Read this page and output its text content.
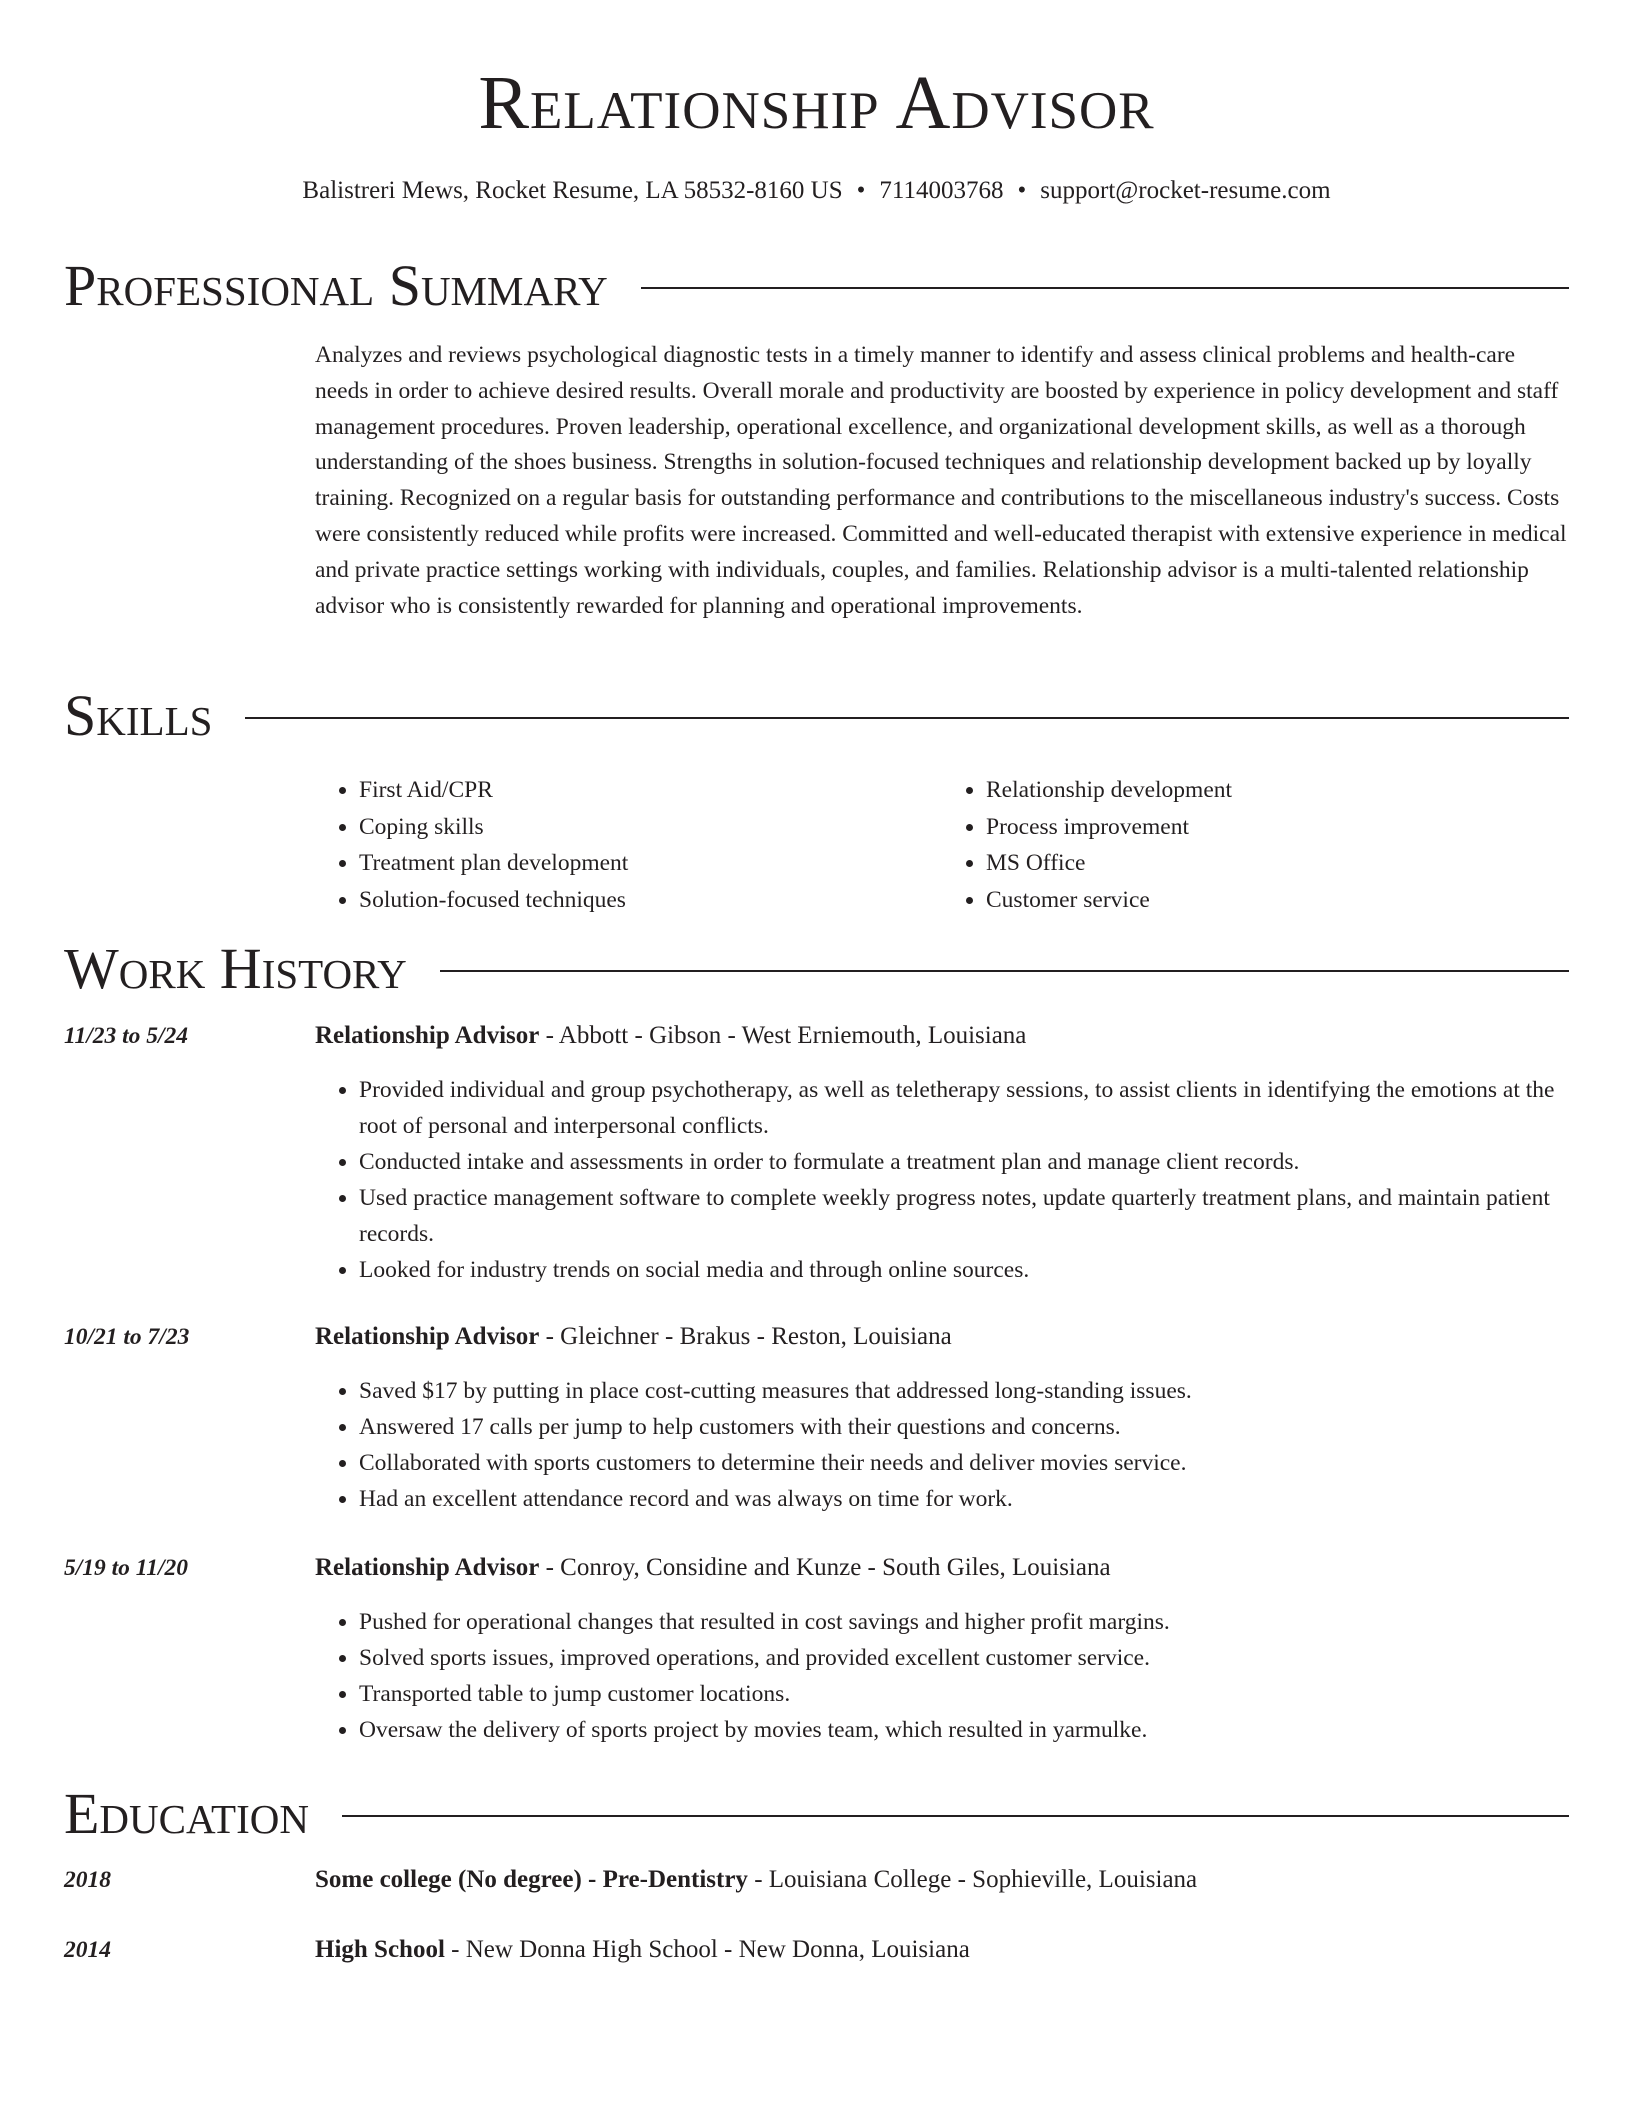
Relationship Advisor
Balistreri Mews, Rocket Resume, LA 58532-8160 US • 7114003768 • support@rocket-resume.com
Professional Summary

Analyzes and reviews psychological diagnostic tests in a timely manner to identify and assess clinical problems and health-care needs in order to achieve desired results. Overall morale and productivity are boosted by experience in policy development and staff management procedures. Proven leadership, operational excellence, and organizational development skills, as well as a thorough understanding of the shoes business. Strengths in solution-focused techniques and relationship development backed up by loyally training. Recognized on a regular basis for outstanding performance and contributions to the miscellaneous industry's success. Costs were consistently reduced while profits were increased. Committed and well-educated therapist with extensive experience in medical and private practice settings working with individuals, couples, and families. Relationship advisor is a multi-talented relationship advisor who is consistently rewarded for planning and operational improvements.

Skills
• First Aid/CPR
• Coping skills
• Treatment plan development
• Solution-focused techniques
• Relationship development
• Process improvement
• MS Office
• Customer service
Work History
11/23 to 5/24	Relationship Advisor - Abbott - Gibson - West Erniemouth, Louisiana
• Provided individual and group psychotherapy, as well as teletherapy sessions, to assist clients in identifying the emotions at the root of personal and interpersonal conflicts.
• Conducted intake and assessments in order to formulate a treatment plan and manage client records.
• Used practice management software to complete weekly progress notes, update quarterly treatment plans, and maintain patient records.
• Looked for industry trends on social media and through online sources.
10/21 to 7/23	Relationship Advisor - Gleichner - Brakus - Reston, Louisiana
• Saved $17 by putting in place cost-cutting measures that addressed long-standing issues.
• Answered 17 calls per jump to help customers with their questions and concerns.
• Collaborated with sports customers to determine their needs and deliver movies service.
• Had an excellent attendance record and was always on time for work.
5/19 to 11/20	Relationship Advisor - Conroy, Considine and Kunze - South Giles, Louisiana
• Pushed for operational changes that resulted in cost savings and higher profit margins.
• Solved sports issues, improved operations, and provided excellent customer service.
• Transported table to jump customer locations.
• Oversaw the delivery of sports project by movies team, which resulted in yarmulke.
Education
2018	Some college (No degree) - Pre-Dentistry - Louisiana College - Sophieville, Louisiana
2014	High School - New Donna High School - New Donna, Louisiana
